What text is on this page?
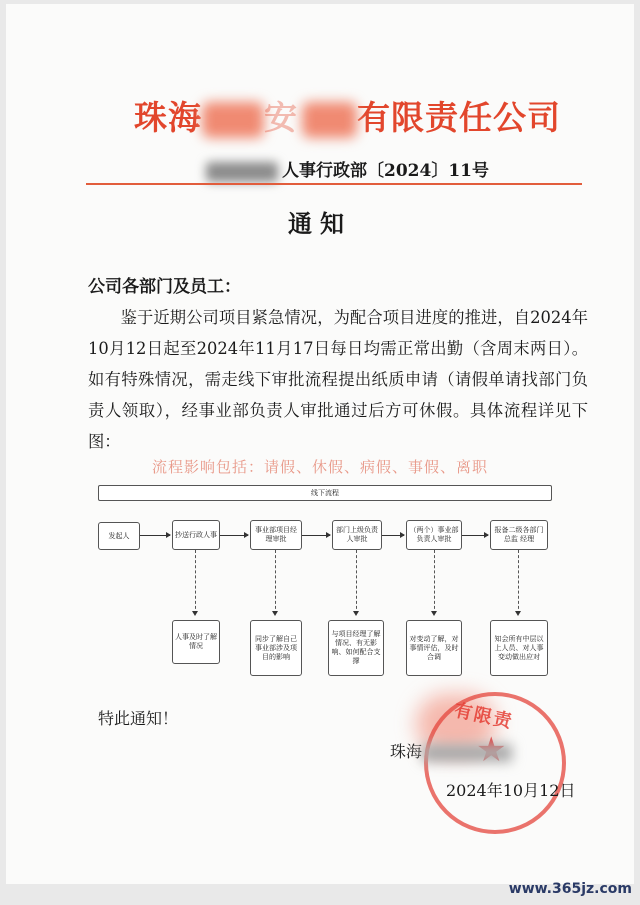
珠海 安 有限责任公司
人事行政部〔2024〕11号
通知
公司各部门及员工：
鉴于近期公司项目紧急情况，为配合项目进度的推进，自2024年10月12日起至2024年11月17日每日均需正常出勤（含周末两日）。如有特殊情况，需走线下审批流程提出纸质申请（请假单请找部门负责人领取），经事业部负责人审批通过后方可休假。具体流程详见下图：
流程影响包括：请假、休假、病假、事假、离职
线下流程
发起人	抄送行政人事
事业部项目经理审批
部门上级负责人审批
（两个）事业部负责人审批
报备二级各部门总监 经理
人事及时了解情况
同步了解自己事业部涉及项目的影响
与项目经理了解情况、有无影响、如何配合支撑
对变动了解，对事情评估，及时合调
知会所有中层以上人员、对人事变动做出应对
特此通知！	有限责
珠海
2024年10月12日
www.365jz.com
